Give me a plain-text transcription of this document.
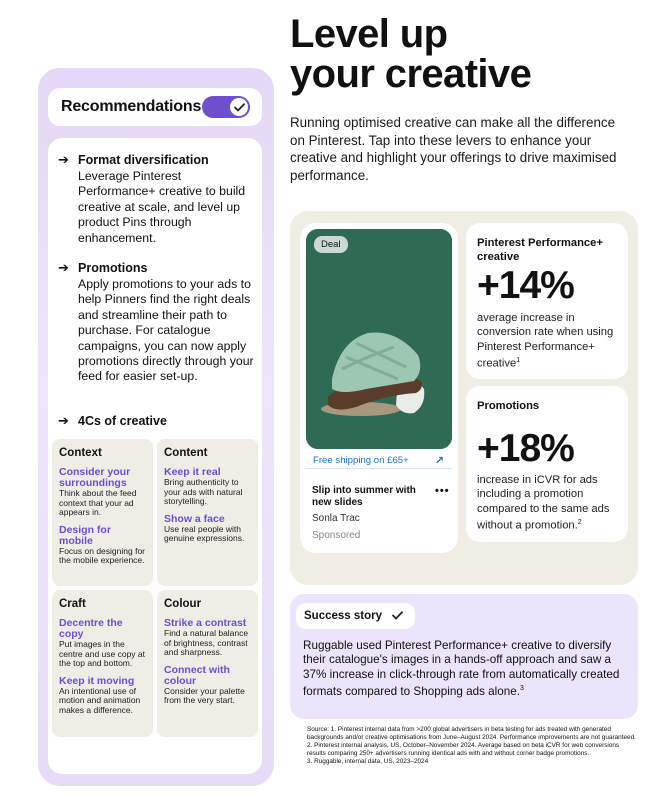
Recommendations
➔ Format diversification
Leverage Pinterest Performance+ creative to build creative at scale, and level up product Pins through enhancement.
➔ Promotions
Apply promotions to your ads to help Pinners find the right deals and streamline their path to purchase. For catalogue campaigns, you can now apply promotions directly through your feed for easier set-up.
➔ 4Cs of creative
Context
Consider your surroundings
Think about the feed context that your ad appears in.
Design for mobile
Focus on designing for the mobile experience.
Content
Keep it real
Bring authenticity to your ads with natural storytelling.
Show a face
Use real people with genuine expressions.
Craft
Decentre the copy
Put images in the centre and use copy at the top and bottom.
Keep it moving
An intentional use of motion and animation makes a difference.
Colour
Strike a contrast
Find a natural balance of brightness, contrast and sharpness.
Connect with colour
Consider your palette from the very start.
Level up
your creative
Running optimised creative can make all the difference on Pinterest. Tap into these levers to enhance your creative and highlight your offerings to drive maximised performance.
Deal
Free shipping on £65+ ↗
Slip into summer with new slides
•••
Sonla Trac
Sponsored
Pinterest Performance+ creative
+14%
average increase in conversion rate when using Pinterest Performance+ creative$^1$
Promotions
+18%
increase in iCVR for ads including a promotion compared to the same ads without a promotion.$^2$
Success story
Ruggable used Pinterest Performance+ creative to diversify their catalogue's images in a hands-off approach and saw a 37% increase in click-through rate from automatically created formats compared to Shopping ads alone.$^3$
Source: 1. Pinterest internal data from >200 global advertisers in beta testing for ads treated with generated backgrounds and/or creative optimisations from June–August 2024. Performance improvements are not guaranteed.
2. Pinterest internal analysis, US, October–November 2024. Average based on beta iCVR for web conversions results comparing 250+ advertisers running identical ads with and without corner badge promotions.
3. Ruggable, internal data, US, 2023–2024
